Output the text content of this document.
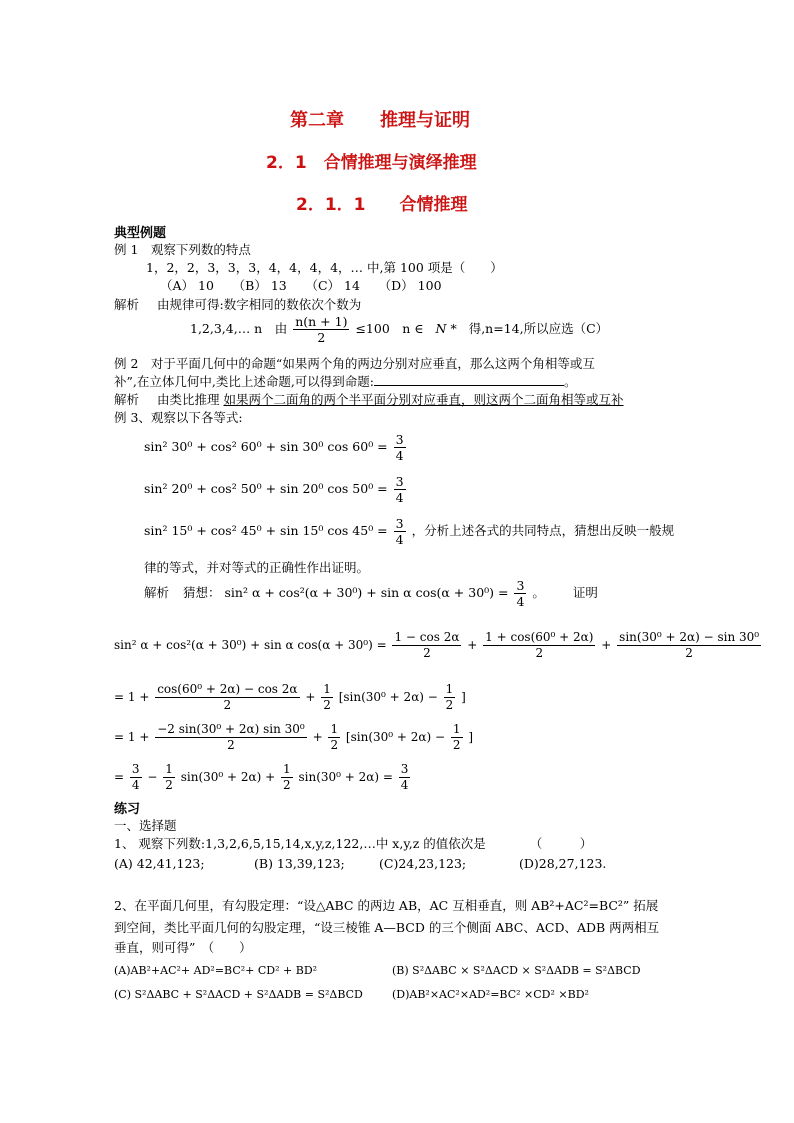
第二章　　推理与证明
2．1　合情推理与演绎推理
2．1．1　　合情推理
典型例题
例 1　观察下列数的特点
1，2，2，3，3，3，4，4，4，4，… 中,第 100 项是（　　）
（A） 10　　（B） 13　　（C） 14　　（D） 100
解析 由规律可得:数字相同的数依次个数为
1,2,3,4,… n　由 $\frac{n(n + 1)}{2} \le 100$　n ∈ N * 得,n=14,所以应选（C）
例 2　对于平面几何中的命题“如果两个角的两边分别对应垂直，那么这两个角相等或互
补”,在立体几何中,类比上述命题,可以得到命题:	。
解析 由类比推理 如果两个二面角的两个半平面分别对应垂直，则这两个二面角相等或互补
例 3、观察以下各等式:
sin² 30⁰ + cos² 60⁰ + sin 30⁰ $\cos 60^0 = \frac{3}{4}$
sin² 20⁰ + cos² 50⁰ + sin 20⁰ $\cos 50^0 = \frac{3}{4}$
sin² 15⁰ + cos² 45⁰ + sin 15⁰ $\cos 45^0 = \frac{3}{4}$ ，分析上述各式的共同特点，猜想出反映一般规
律的等式，并对等式的正确性作出证明。
解析 猜想： sin² α + cos²(α + 30⁰) + sin α $\cos(\alpha + 30^0) = \frac{3}{4}$ 。 证明
sin² α + cos²(α + 30⁰) + sin α $\cos(\alpha + 30^0) = \frac{1 - \cos 2\alpha}{2} + \frac{\text{1 + cos(60⁰ + 2α)}}{2} + \frac{\text{sin(30⁰ + 2α) − sin 30⁰}}{2}$
= $1 + \frac{\text{cos(60⁰ + 2α) − cos 2α}}{2} + \frac{1}{2} [\sin(30^0 + 2\alpha) - \frac{1}{2}$ ]
= $1 + \frac{\text{−2 sin(30⁰ + 2α) sin 30⁰}}{2} + \frac{1}{2} [\sin(30^0 + 2\alpha) - \frac{1}{2}$ ]
= $\frac{3}{4} - \frac{1}{2} \sin(30^0 + 2\alpha) + \frac{1}{2} \sin(30^0 + 2\alpha) = \frac{3}{4}$
练习
一、选择题
1、 观察下列数:1,3,2,6,5,15,14,x,y,z,122,…中 x,y,z 的值依次是	（　　　）
(A) 42,41,123;	(B) 13,39,123;	(C)24,23,123;	(D)28,27,123.
2、在平面几何里，有勾股定理：“设△ABC 的两边 AB，AC 互相垂直，则 AB²+AC²=BC²” 拓展
到空间，类比平面几何的勾股定理，“设三棱锥 A—BCD 的三个侧面 ABC、ACD、ADB 两两相互
垂直，则可得”　（　　）
(A)AB²+AC²+ AD²=BC²+ CD² + BD²	(B) S²ΔABC × S²ΔACD × S²ΔADB = S²ΔBCD
(C) S²ΔABC + S²ΔACD + S²ΔADB = S²ΔBCD	(D)AB²×AC²×AD²=BC² ×CD² ×BD²
